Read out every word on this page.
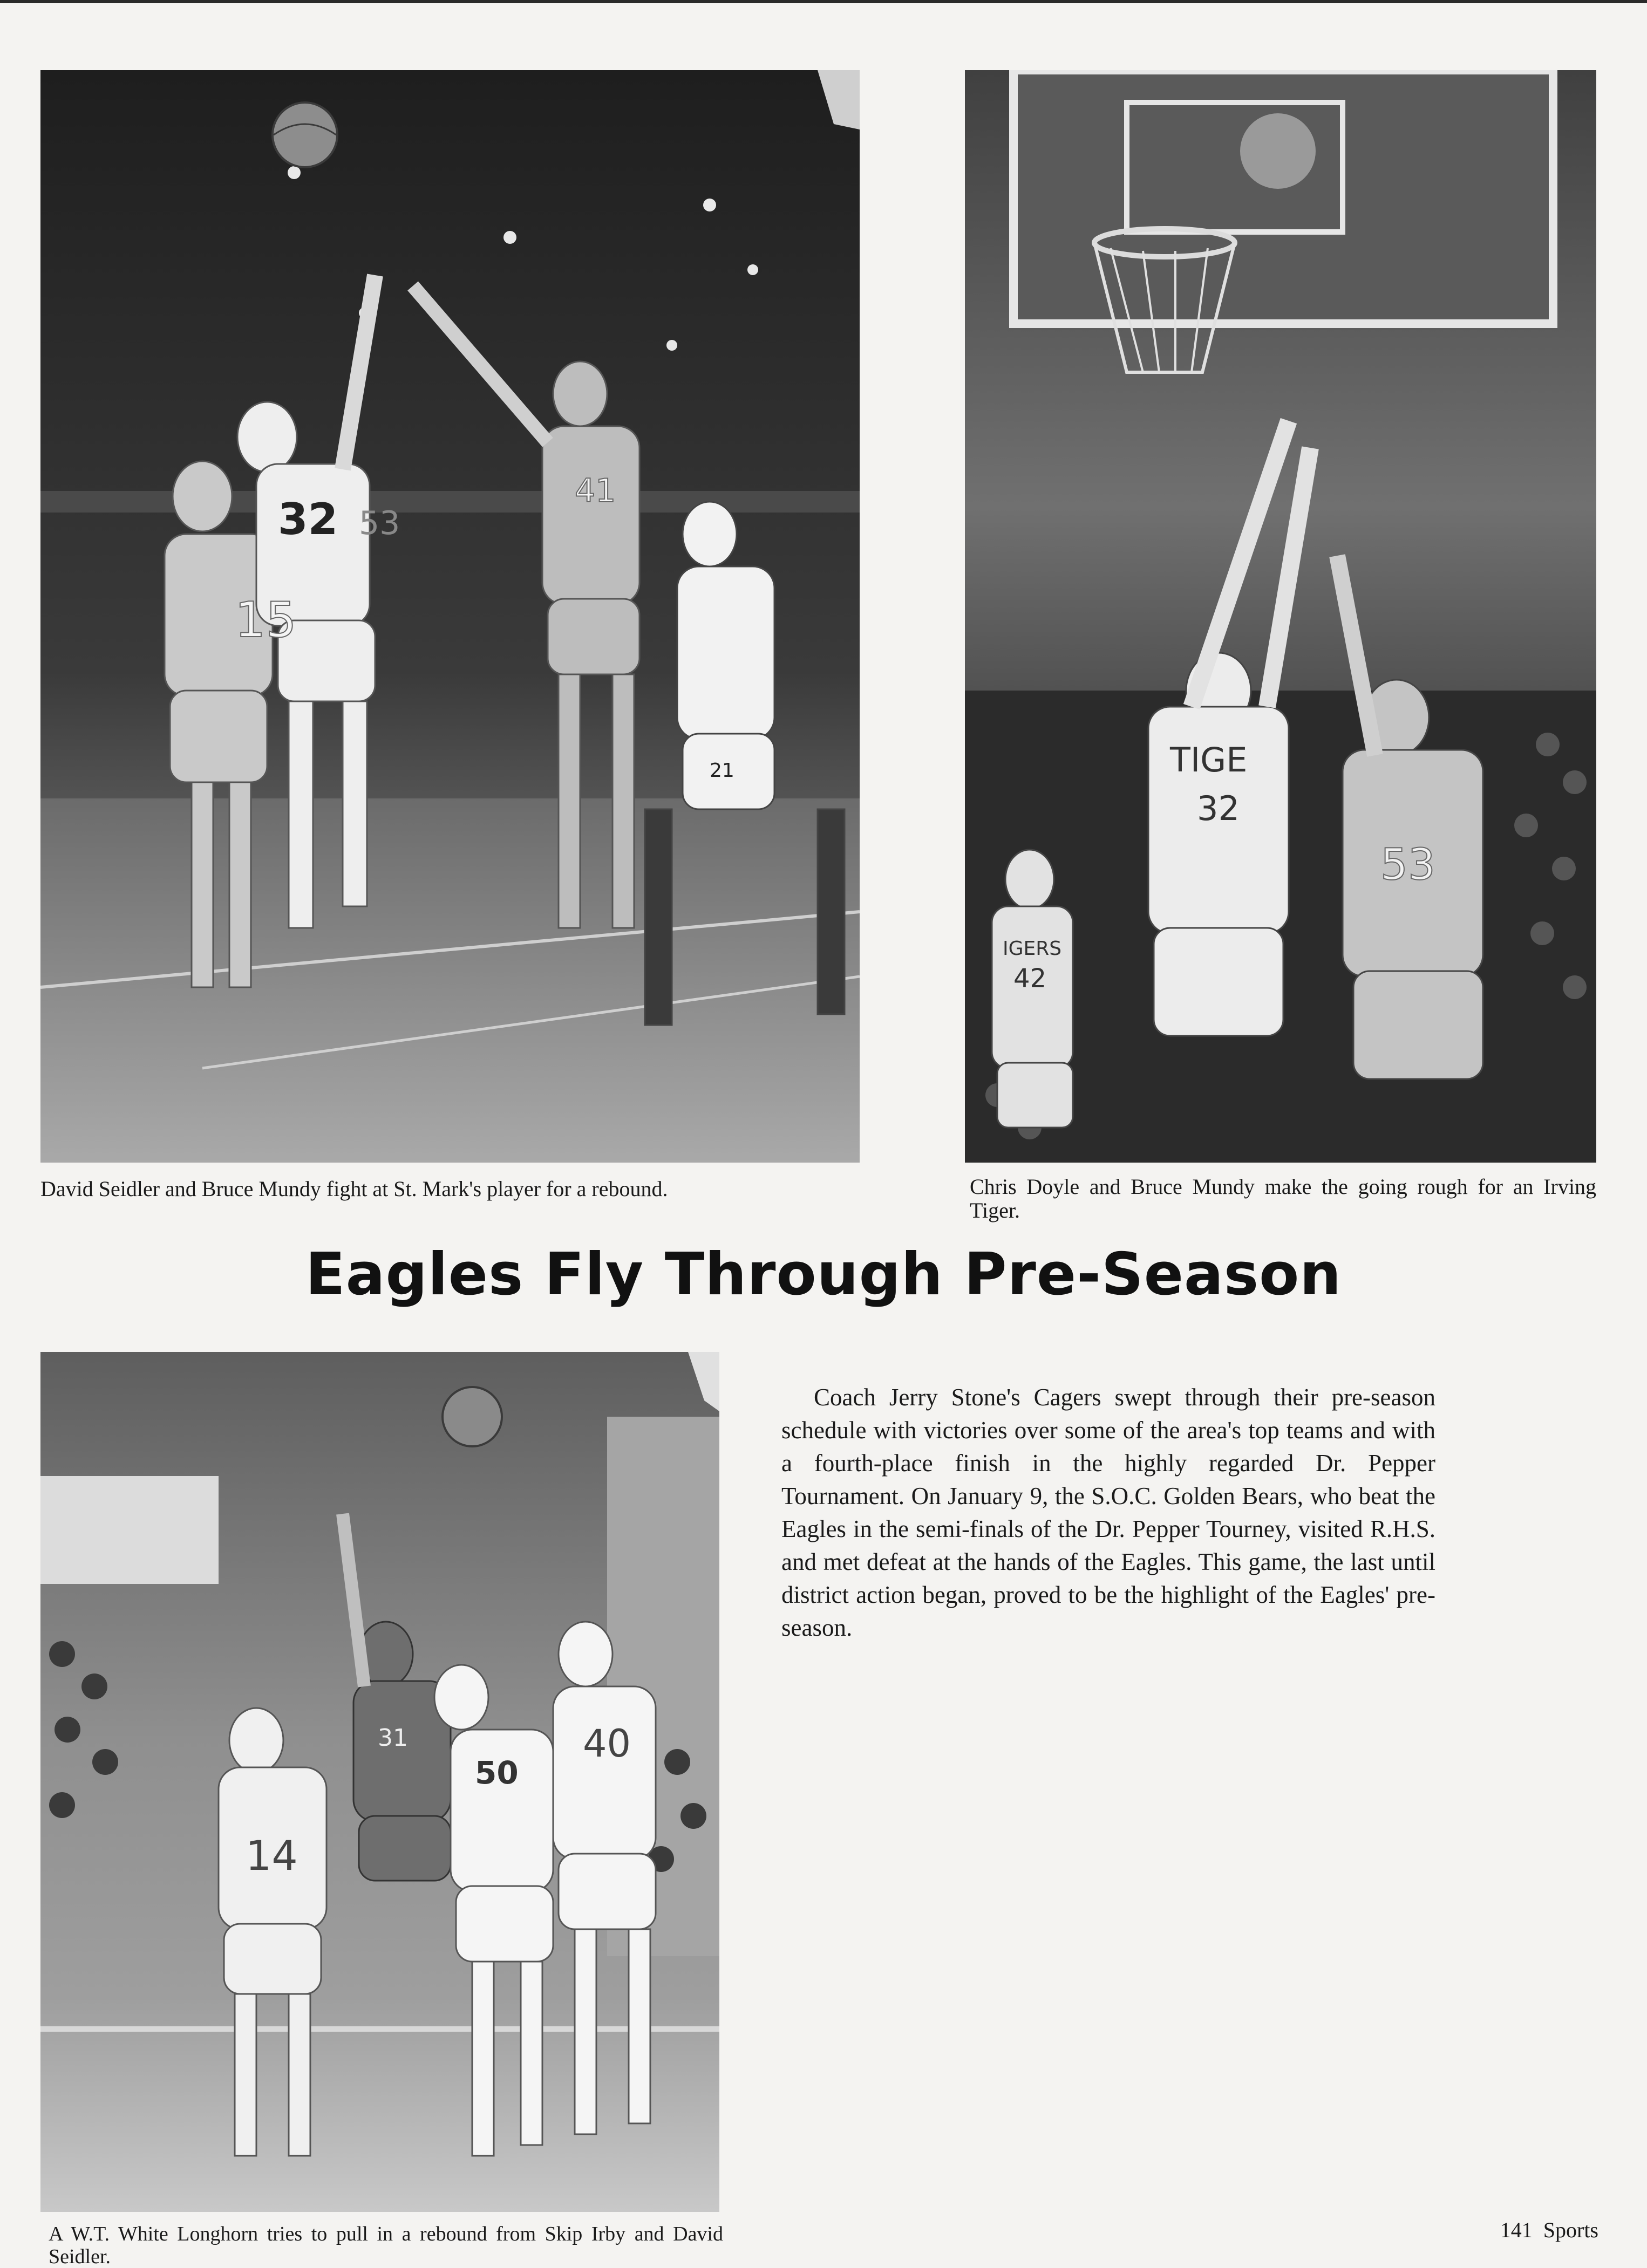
15
32 53
41
21	TIGE
32
53
IGERS
42

David Seidler and Bruce Mundy fight at St. Mark's player for a rebound.	Chris Doyle and Bruce Mundy make the going rough for an Irving Tiger.

Eagles Fly Through Pre-Season
14
31
50
40

Coach Jerry Stone's Cagers swept through their pre-season schedule with victories over some of the area's top teams and with a fourth-place finish in the highly regarded Dr. Pepper Tournament. On January 9, the S.O.C. Golden Bears, who beat the Eagles in the semi-finals of the Dr. Pepper Tourney, visited R.H.S. and met defeat at the hands of the Eagles. This game, the last until district action began, proved to be the highlight of the Eagles' pre-season.

A W.T. White Longhorn tries to pull in a rebound from Skip Irby and David Seidler.

141 Sports
